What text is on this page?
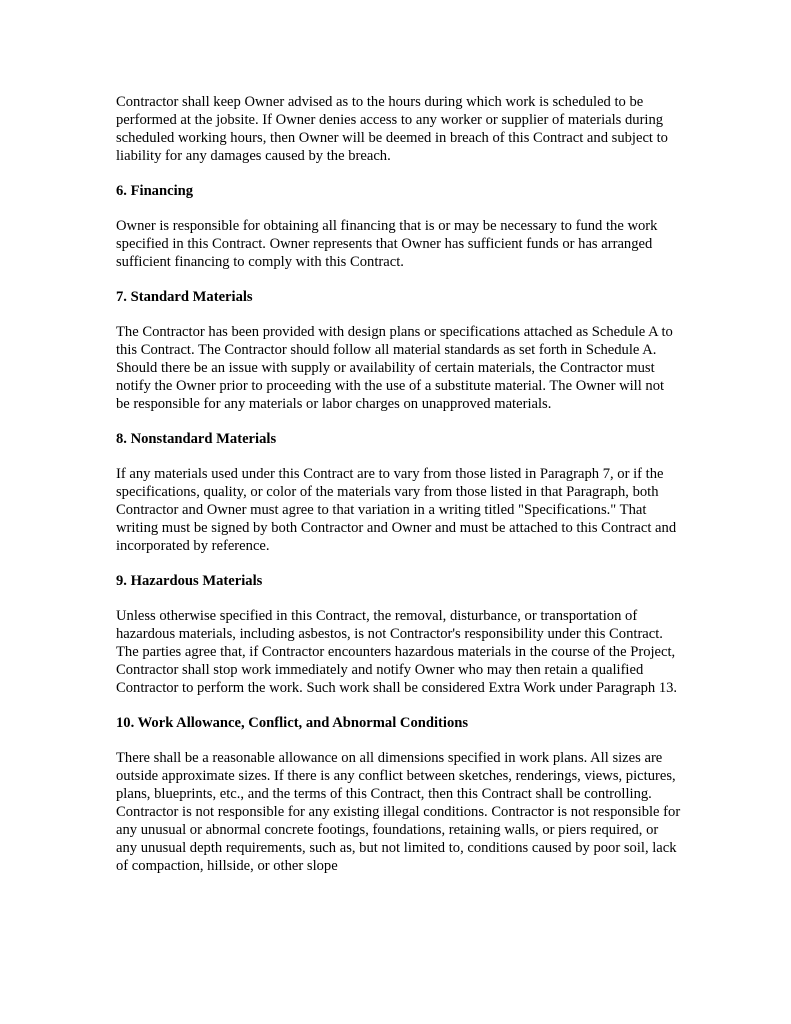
Contractor shall keep Owner advised as to the hours during which work is scheduled to be performed at the jobsite. If Owner denies access to any worker or supplier of materials during scheduled working hours, then Owner will be deemed in breach of this Contract and subject to liability for any damages caused by the breach.

6. Financing

Owner is responsible for obtaining all financing that is or may be necessary to fund the work specified in this Contract. Owner represents that Owner has sufficient funds or has arranged sufficient financing to comply with this Contract.

7. Standard Materials

The Contractor has been provided with design plans or specifications attached as Schedule A to this Contract. The Contractor should follow all material standards as set forth in Schedule A. Should there be an issue with supply or availability of certain materials, the Contractor must notify the Owner prior to proceeding with the use of a substitute material. The Owner will not be responsible for any materials or labor charges on unapproved materials.

8. Nonstandard Materials

If any materials used under this Contract are to vary from those listed in Paragraph 7, or if the specifications, quality, or color of the materials vary from those listed in that Paragraph, both Contractor and Owner must agree to that variation in a writing titled "Specifications." That writing must be signed by both Contractor and Owner and must be attached to this Contract and incorporated by reference.

9. Hazardous Materials

Unless otherwise specified in this Contract, the removal, disturbance, or transportation of hazardous materials, including asbestos, is not Contractor's responsibility under this Contract. The parties agree that, if Contractor encounters hazardous materials in the course of the Project, Contractor shall stop work immediately and notify Owner who may then retain a qualified Contractor to perform the work. Such work shall be considered Extra Work under Paragraph 13.

10. Work Allowance, Conflict, and Abnormal Conditions

There shall be a reasonable allowance on all dimensions specified in work plans. All sizes are outside approximate sizes. If there is any conflict between sketches, renderings, views, pictures, plans, blueprints, etc., and the terms of this Contract, then this Contract shall be controlling. Contractor is not responsible for any existing illegal conditions. Contractor is not responsible for any unusual or abnormal concrete footings, foundations, retaining walls, or piers required, or any unusual depth requirements, such as, but not limited to, conditions caused by poor soil, lack of compaction, hillside, or other slope
